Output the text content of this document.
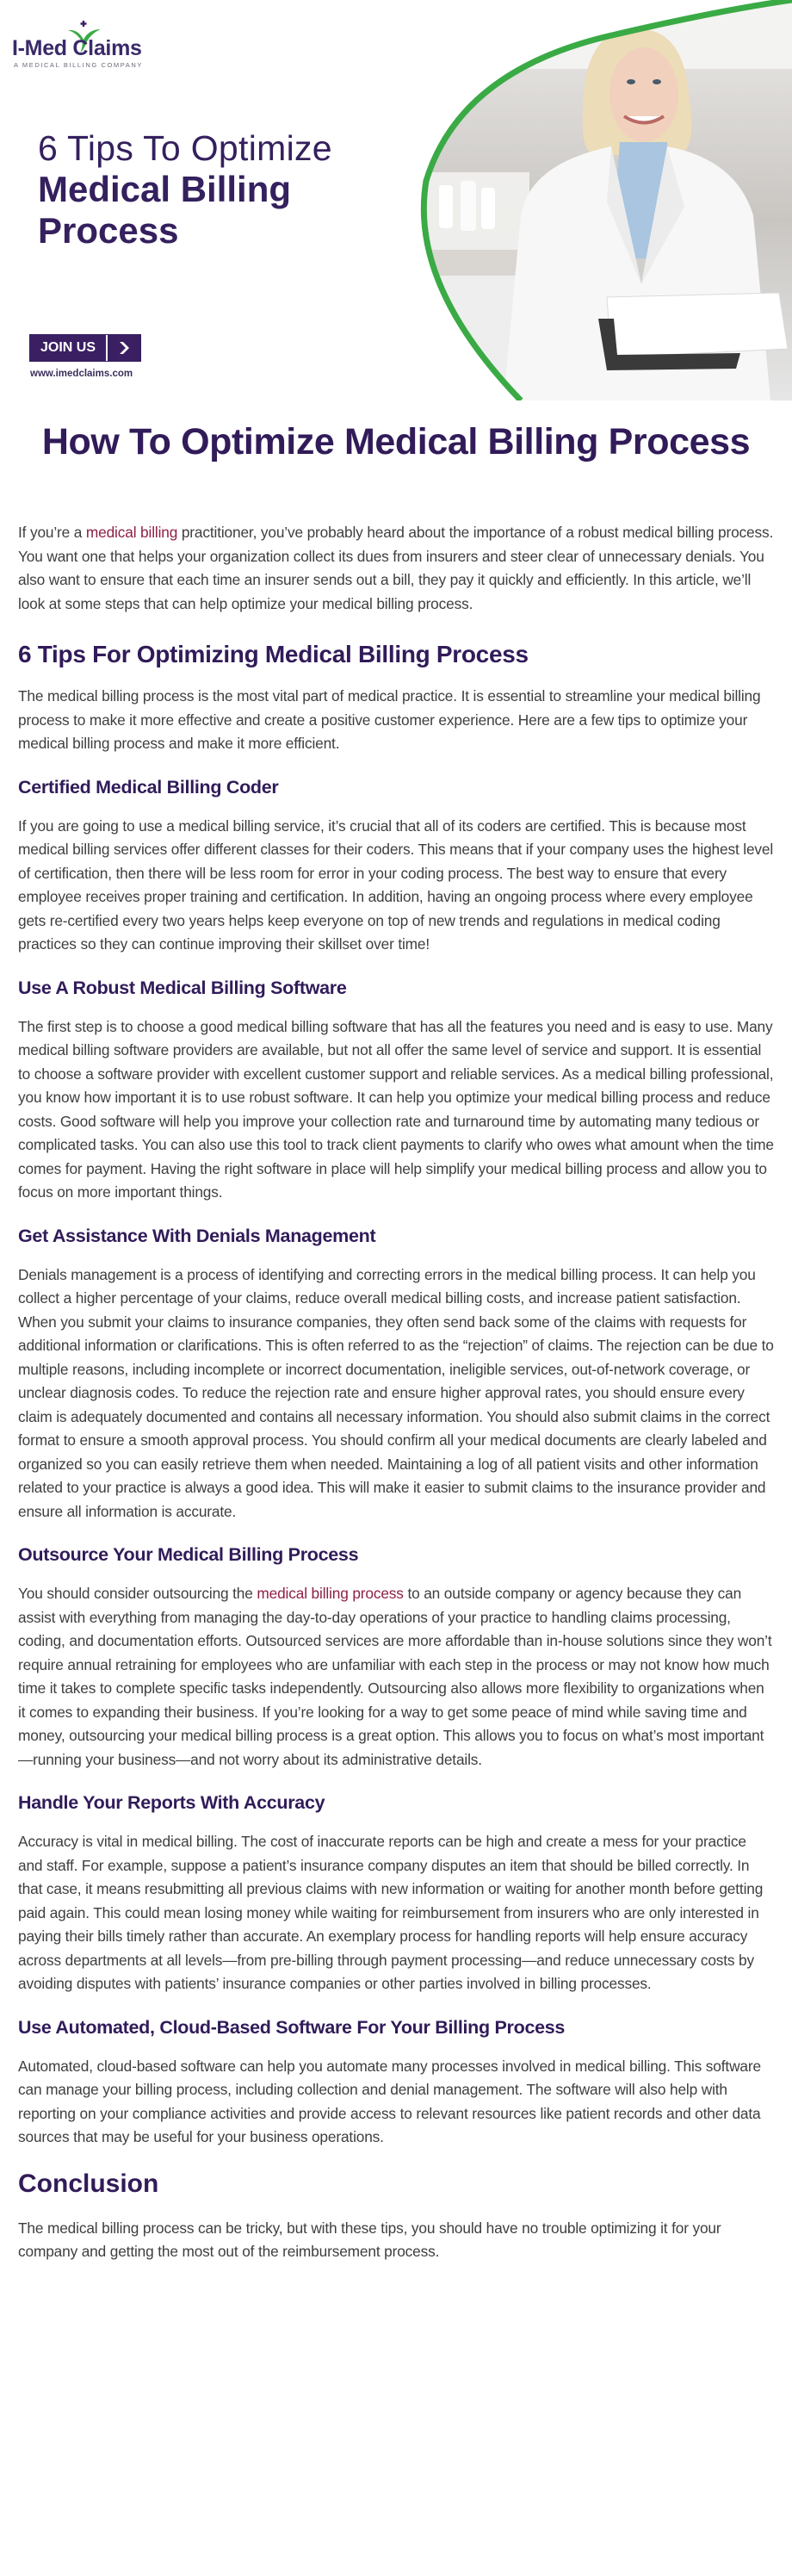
I-Med Claims
A MEDICAL BILLING COMPANY
6 Tips To Optimize
Medical Billing
Process
JOIN US
www.imedclaims.com
How To Optimize Medical Billing Process

If you’re a medical billing practitioner, you’ve probably heard about the importance of a robust medical billing process. You want one that helps your organization collect its dues from insurers and steer clear of unnecessary denials. You also want to ensure that each time an insurer sends out a bill, they pay it quickly and efficiently. In this article, we’ll look at some steps that can help optimize your medical billing process.

6 Tips For Optimizing Medical Billing Process

The medical billing process is the most vital part of medical practice. It is essential to streamline your medical billing process to make it more effective and create a positive customer experience. Here are a few tips to optimize your medical billing process and make it more efficient.

Certified Medical Billing Coder

If you are going to use a medical billing service, it’s crucial that all of its coders are certified. This is because most medical billing services offer different classes for their coders. This means that if your company uses the highest level of certification, then there will be less room for error in your coding process. The best way to ensure that every employee receives proper training and certification. In addition, having an ongoing process where every employee gets re-certified every two years helps keep everyone on top of new trends and regulations in medical coding practices so they can continue improving their skillset over time!

Use A Robust Medical Billing Software

The first step is to choose a good medical billing software that has all the features you need and is easy to use. Many medical billing software providers are available, but not all offer the same level of service and support. It is essential to choose a software provider with excellent customer support and reliable services. As a medical billing professional, you know how important it is to use robust software. It can help you optimize your medical billing process and reduce costs. Good software will help you improve your collection rate and turnaround time by automating many tedious or complicated tasks. You can also use this tool to track client payments to clarify who owes what amount when the time comes for payment. Having the right software in place will help simplify your medical billing process and allow you to focus on more important things.

Get Assistance With Denials Management

Denials management is a process of identifying and correcting errors in the medical billing process. It can help you collect a higher percentage of your claims, reduce overall medical billing costs, and increase patient satisfaction. When you submit your claims to insurance companies, they often send back some of the claims with requests for additional information or clarifications. This is often referred to as the “rejection” of claims. The rejection can be due to multiple reasons, including incomplete or incorrect documentation, ineligible services, out-of-network coverage, or unclear diagnosis codes. To reduce the rejection rate and ensure higher approval rates, you should ensure every claim is adequately documented and contains all necessary information. You should also submit claims in the correct format to ensure a smooth approval process. You should confirm all your medical documents are clearly labeled and organized so you can easily retrieve them when needed. Maintaining a log of all patient visits and other information related to your practice is always a good idea. This will make it easier to submit claims to the insurance provider and ensure all information is accurate.

Outsource Your Medical Billing Process

You should consider outsourcing the medical billing process to an outside company or agency because they can assist with everything from managing the day-to-day operations of your practice to handling claims processing, coding, and documentation efforts. Outsourced services are more affordable than in-house solutions since they won’t require annual retraining for employees who are unfamiliar with each step in the process or may not know how much time it takes to complete specific tasks independently. Outsourcing also allows more flexibility to organizations when it comes to expanding their business. If you’re looking for a way to get some peace of mind while saving time and money, outsourcing your medical billing process is a great option. This allows you to focus on what’s most important—running your business—and not worry about its administrative details.

Handle Your Reports With Accuracy

Accuracy is vital in medical billing. The cost of inaccurate reports can be high and create a mess for your practice and staff. For example, suppose a patient’s insurance company disputes an item that should be billed correctly. In that case, it means resubmitting all previous claims with new information or waiting for another month before getting paid again. This could mean losing money while waiting for reimbursement from insurers who are only interested in paying their bills timely rather than accurate. An exemplary process for handling reports will help ensure accuracy across departments at all levels—from pre-billing through payment processing—and reduce unnecessary costs by avoiding disputes with patients’ insurance companies or other parties involved in billing processes.

Use Automated, Cloud-Based Software For Your Billing Process

Automated, cloud-based software can help you automate many processes involved in medical billing. This software can manage your billing process, including collection and denial management. The software will also help with reporting on your compliance activities and provide access to relevant resources like patient records and other data sources that may be useful for your business operations.

Conclusion

The medical billing process can be tricky, but with these tips, you should have no trouble optimizing it for your company and getting the most out of the reimbursement process.
